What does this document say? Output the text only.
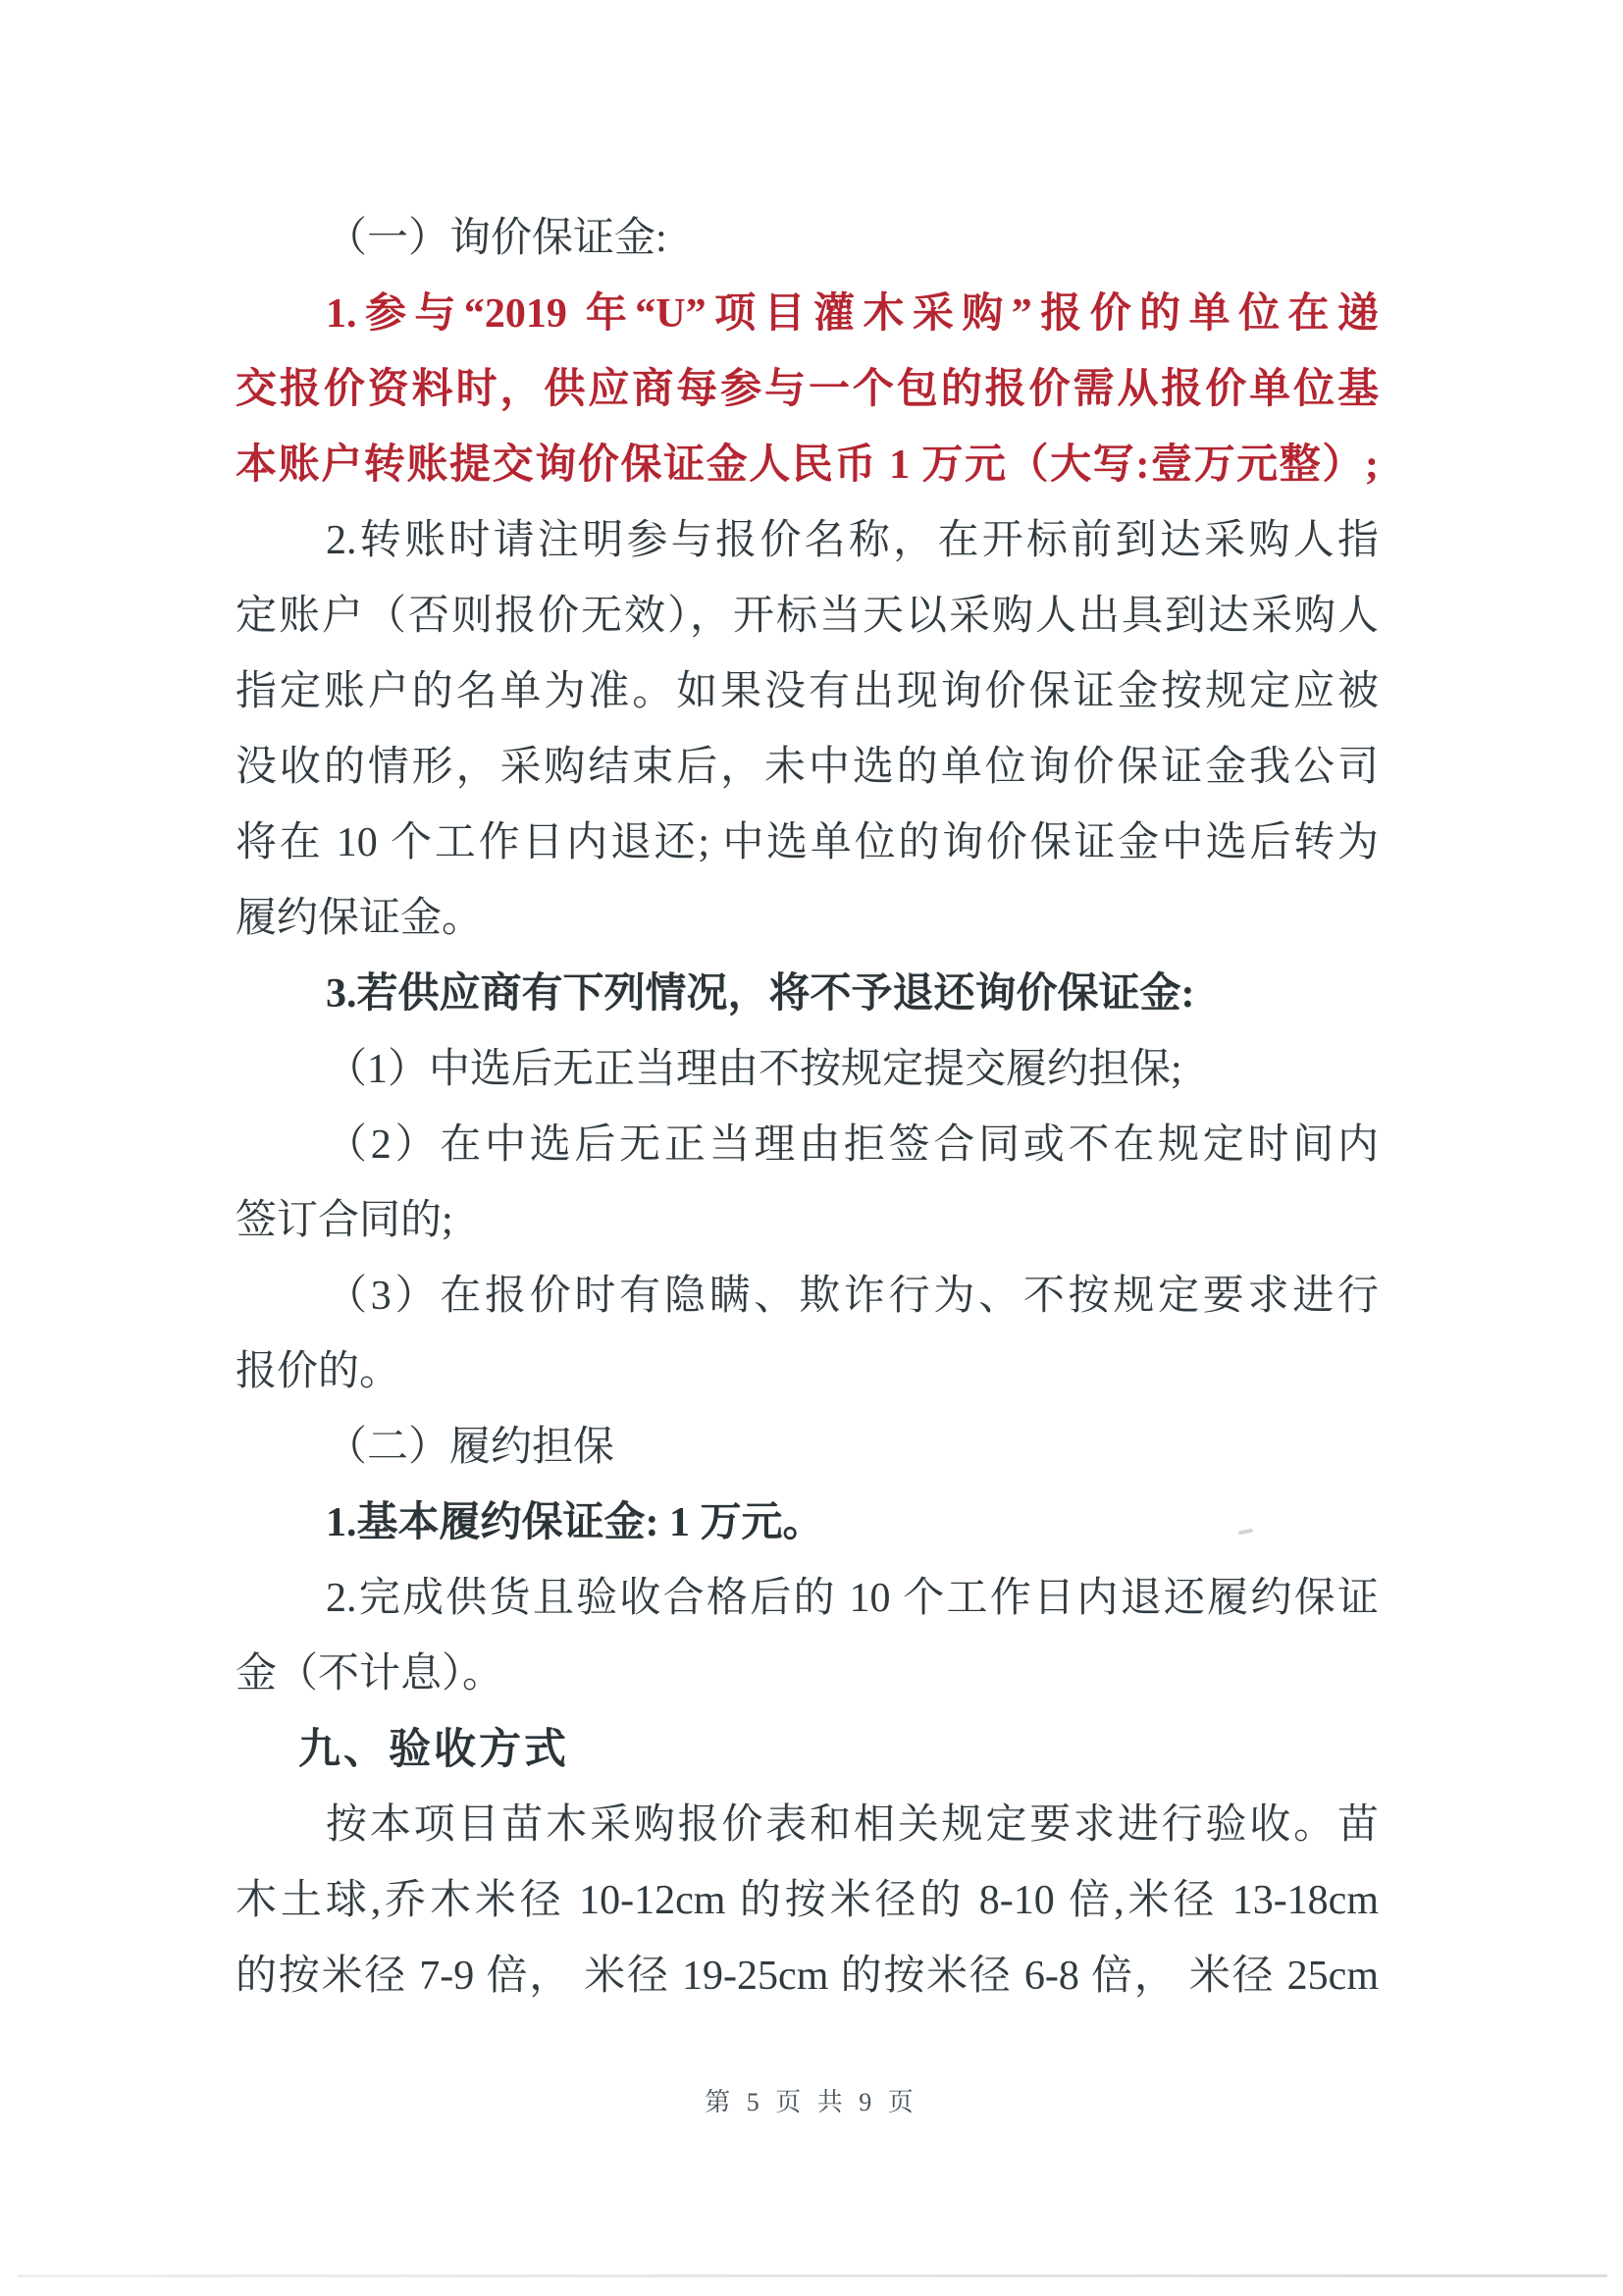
（一）询价保证金:
1.参与“2019 年“U”项目灌木采购”报价的单位在递
交报价资料时，供应商每参与一个包的报价需从报价单位基
本账户转账提交询价保证金人民币 1 万元（大写:壹万元整）;
2.转账时请注明参与报价名称，在开标前到达采购人指
定账户（否则报价无效），开标当天以采购人出具到达采购人
指定账户的名单为准。如果没有出现询价保证金按规定应被
没收的情形，采购结束后，未中选的单位询价保证金我公司
将在 10 个工作日内退还; 中选单位的询价保证金中选后转为
履约保证金。
3.若供应商有下列情况，将不予退还询价保证金:
（1）中选后无正当理由不按规定提交履约担保;
（2）在中选后无正当理由拒签合同或不在规定时间内
签订合同的;
（3）在报价时有隐瞒、欺诈行为、不按规定要求进行
报价的。
（二）履约担保
1.基本履约保证金: 1 万元。
2.完成供货且验收合格后的 10 个工作日内退还履约保证
金（不计息）。
九、验收方式
按本项目苗木采购报价表和相关规定要求进行验收。苗
木土球,乔木米径 10-12cm 的按米径的 8-10 倍,米径 13-18cm
的按米径 7-9 倍， 米径 19-25cm 的按米径 6-8 倍， 米径 25cm
第 5 页 共 9 页
